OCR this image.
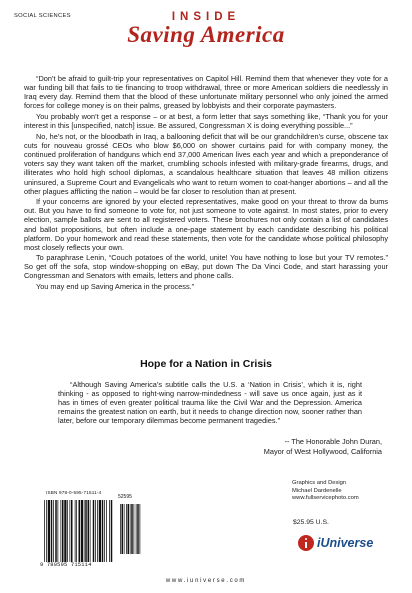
SOCIAL SCIENCES	INSIDE
Saving America

“Don’t be afraid to guilt-trip your representatives on Capitol Hill. Remind them that whenever they vote for a war funding bill that fails to tie financing to troop withdrawal, three or more American soldiers die needlessly in Iraq every day. Remind them that the blood of these unfortunate military personnel who only joined the armed forces for college money is on their palms, greased by lobbyists and their corporate paymasters.

You probably won’t get a response – or at best, a form letter that says something like, “Thank you for your interest in this [unspecified, natch] issue. Be assured, Congressman X is doing everything possible...”

No, he’s not, or the bloodbath in Iraq, a ballooning deficit that will be our grandchildren’s curse, obscene tax cuts for nouveau grossé CEOs who blow $6,000 on shower curtains paid for with company money, the continued proliferation of handguns which end 37,000 American lives each year and which a preponderance of voters say they want taken off the market, crumbling schools infested with military-grade firearms, drugs, and illiterates who hold high school diplomas, a scandalous healthcare situation that leaves 48 million citizens uninsured, a Supreme Court and Evangelicals who want to return women to coat-hanger abortions – and all the other plagues afflicting the nation – would be far closer to resolution than at present.

If your concerns are ignored by your elected representatives, make good on your threat to throw da bums out. But you have to find someone to vote for, not just someone to vote against. In most states, prior to every election, sample ballots are sent to all registered voters. These brochures not only contain a list of candidates and ballot propositions, but often include a one-page statement by each candidate describing his political platform. Do your homework and read these statements, then vote for the candidate whose political philosophy most closely reflects your own.

To paraphrase Lenin, “Couch potatoes of the world, unite! You have nothing to lose but your TV remotes.” So get off the sofa, stop window-shopping on eBay, put down The Da Vinci Code, and start harassing your Congressman and Senators with emails, letters and phone calls.

You may end up Saving America in the process.”

Hope for a Nation in Crisis

“Although Saving America’s subtitle calls the U.S. a ‘Nation in Crisis’, which it is, right thinking - as opposed to right-wing narrow-mindedness - will save us once again, just as it has in times of even greater political trauma like the Civil War and the Depression. America remains the greatest nation on earth, but it needs to change direction now, sooner rather than later, before our temporary dilemmas become permanent tragedies.”

-- The Honorable John Duran,
Mayor of West Hollywood, California
Graphics and Design
Michael Dardenelle
www.fullservicephoto.com
ISBN 978-0-595-71511-4
52595
9 780595 715114
$25.95 U.S.
iUniverse
www.iuniverse.com
